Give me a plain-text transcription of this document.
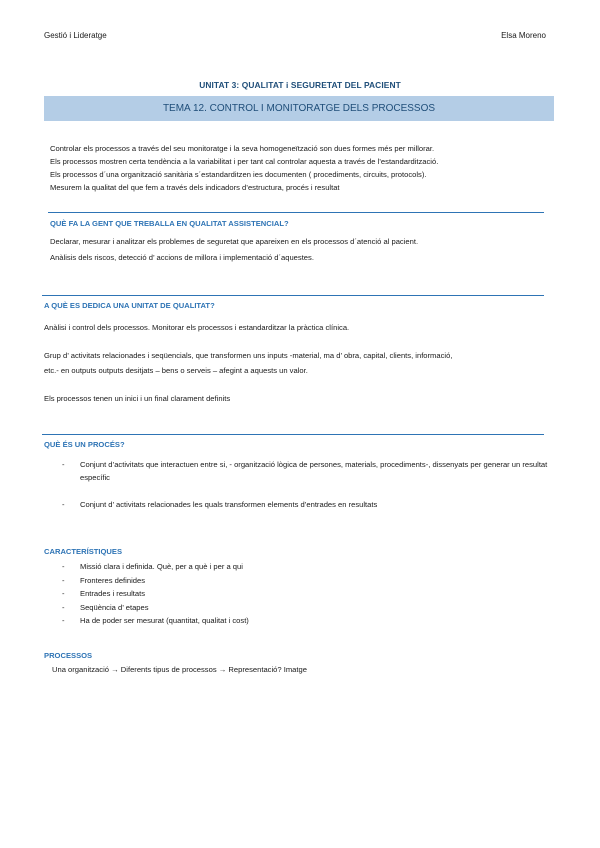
Gestió i Lideratge	Elsa Moreno
UNITAT 3: QUALITAT i SEGURETAT DEL PACIENT
TEMA 12. CONTROL I MONITORATGE DELS PROCESSOS
Controlar els processos a través del seu monitoratge i la seva homogeneïtzació son dues formes més per millorar.
Els processos mostren certa tendència a la variabilitat i per tant cal controlar aquesta a través de l’estandardització.
Els processos d´una organització sanitària s´estandarditzen ies documenten ( procediments, circuits, protocols).
Mesurem la qualitat del que fem a través dels indicadors d’estructura, procés i resultat
QUÈ FA LA GENT QUE TREBALLA EN QUALITAT ASSISTENCIAL?
Declarar, mesurar i analitzar els problemes de seguretat que apareixen en els processos d´atenció al pacient.
Anàlisis dels riscos, detecció d’ accions de millora i implementació d´aquestes.
A QUÈ ES DEDICA UNA UNITAT DE QUALITAT?
Anàlisi i control dels processos. Monitorar els processos i estandarditzar la pràctica clínica.
Grup d’ activitats relacionades i seqüencials, que transformen uns inputs -material, ma d’ obra, capital, clients, informació,
etc.- en outputs outputs desitjats – bens o serveis – afegint a aquests un valor.
Els processos tenen un inici i un final clarament definits
QUÈ ÉS UN PROCÉS?
- Conjunt d’activitats que interactuen entre si, - organització lògica de persones, materials, procediments-, dissenyats per generar un resultat específic
- Conjunt d’ activitats relacionades les quals transformen elements d’entrades en resultats
CARACTERÍSTIQUES
- Missió clara i definida. Què, per a què i per a qui
- Fronteres definides
- Entrades i resultats
- Seqüència d’ etapes
- Ha de poder ser mesurat (quantitat, qualitat i cost)
PROCESSOS
Una organització → Diferents tipus de processos → Representació? Imatge
